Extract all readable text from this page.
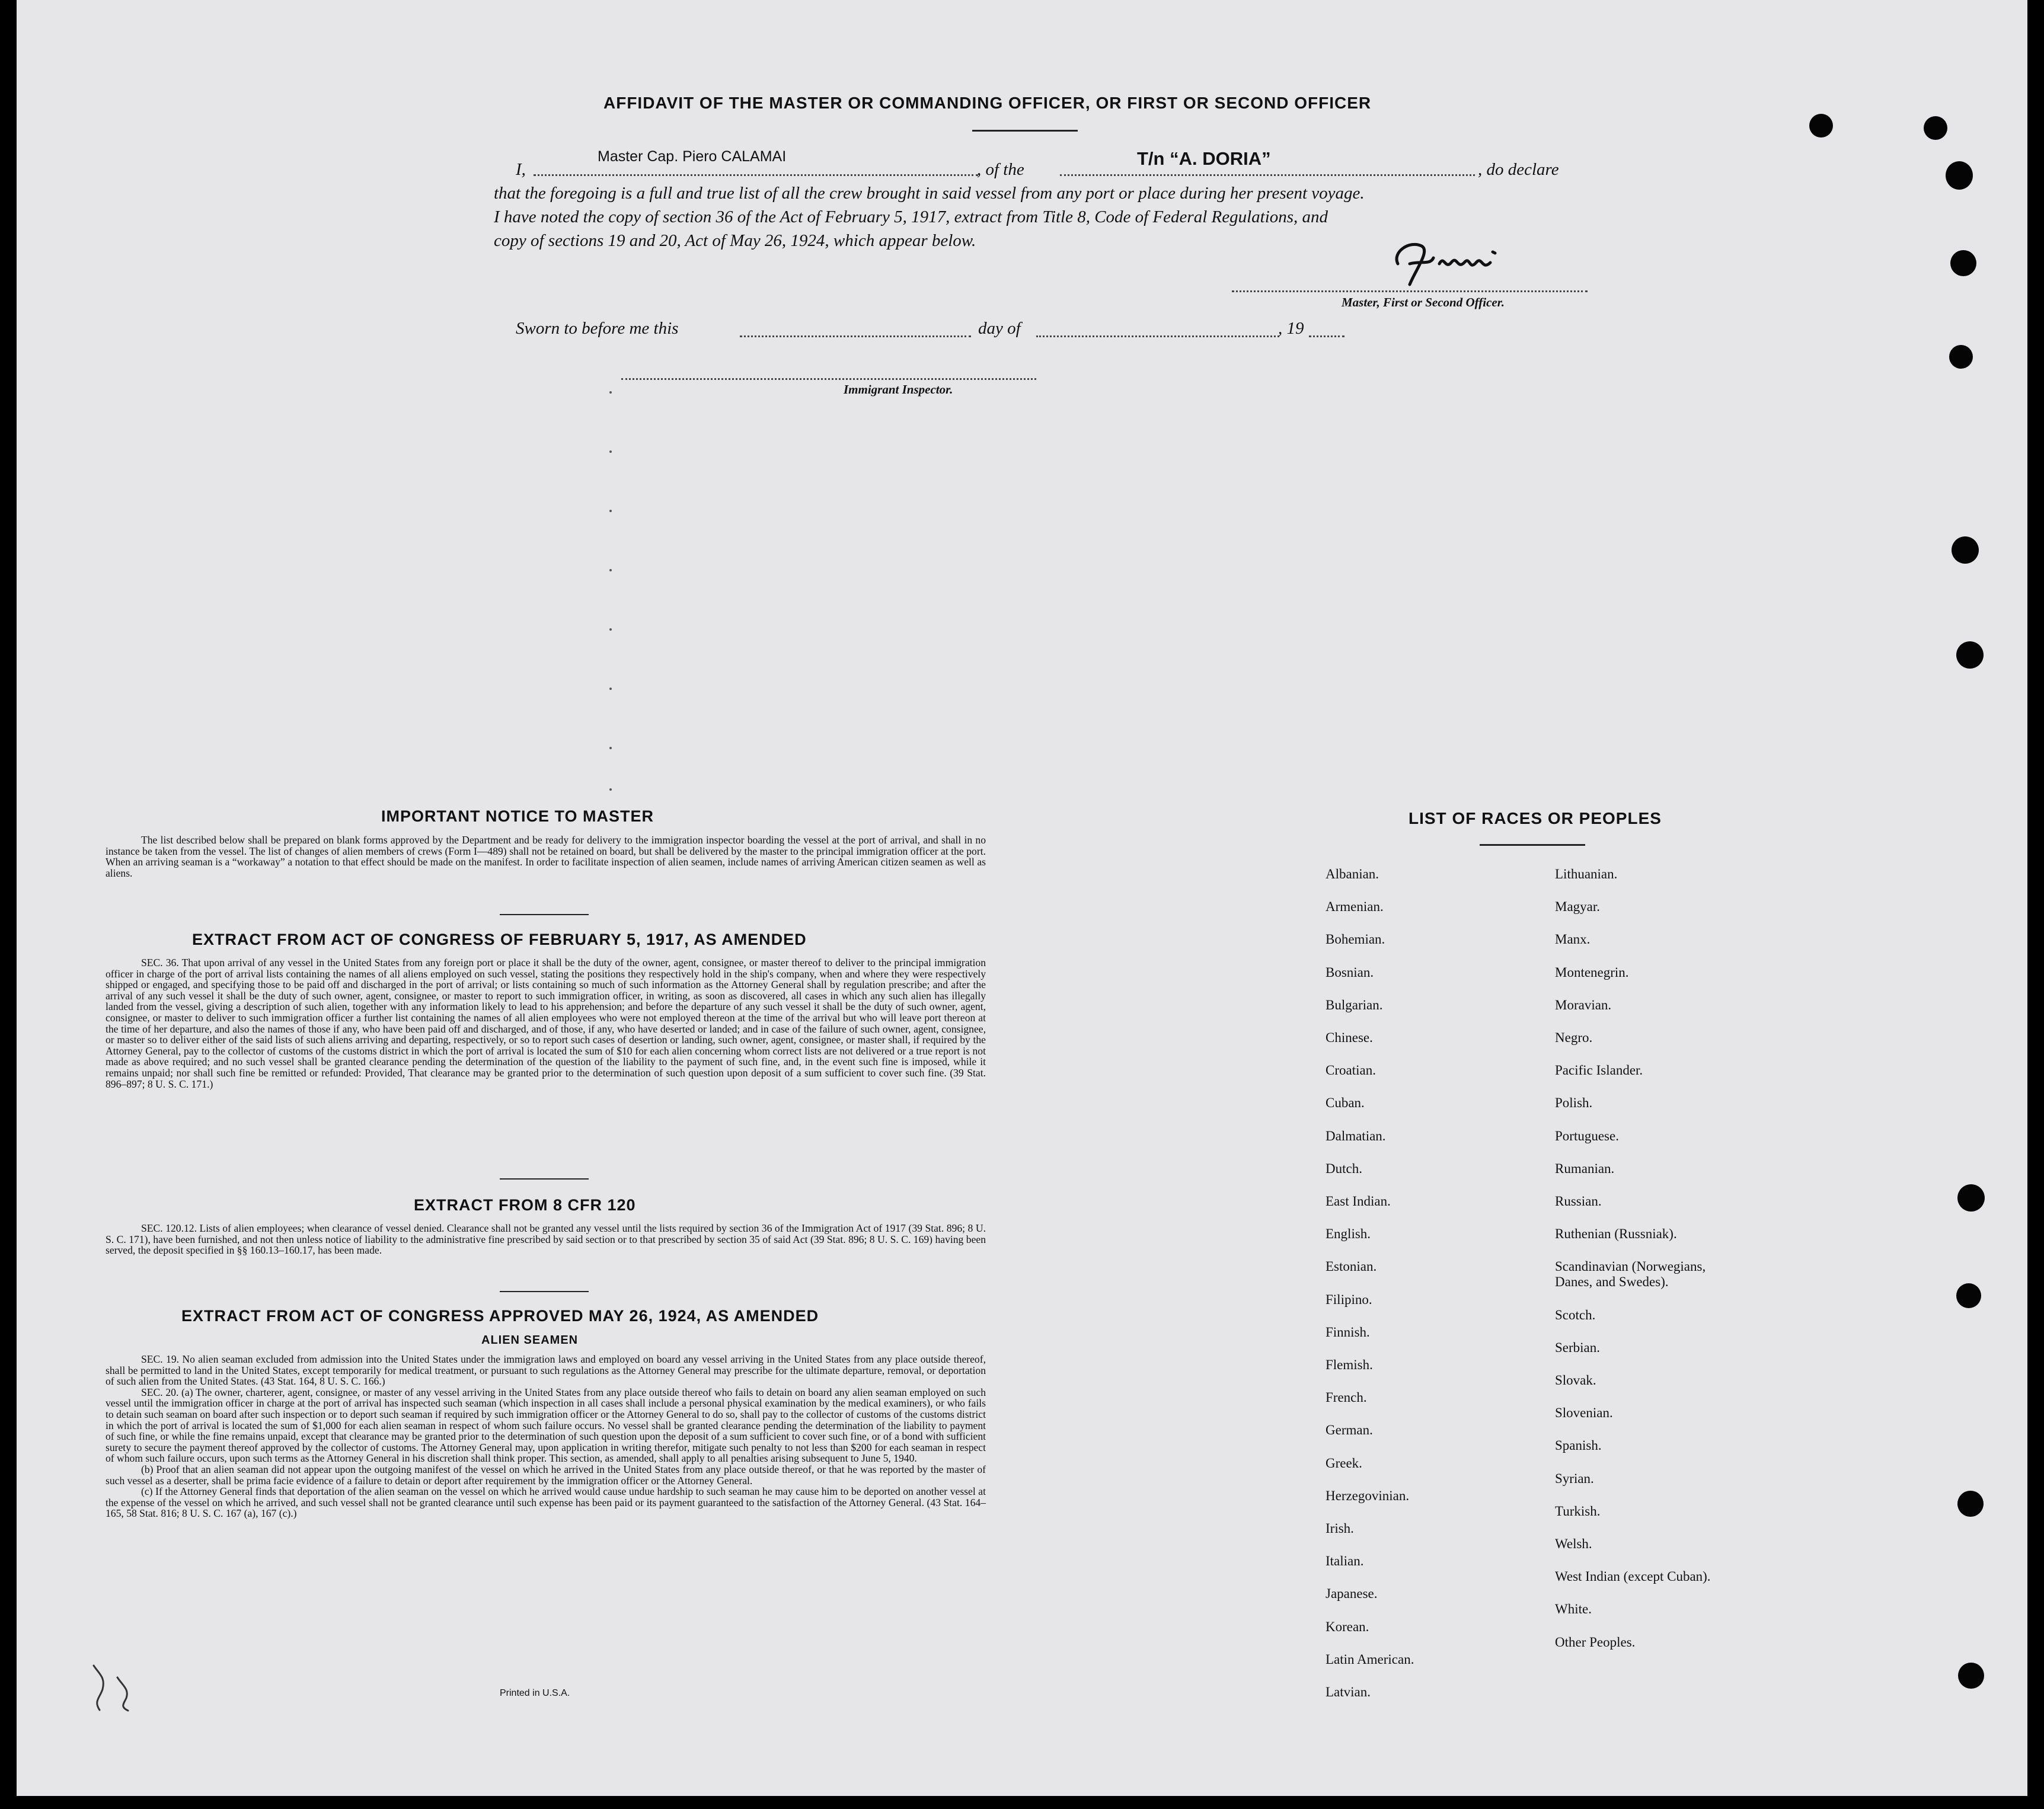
AFFIDAVIT OF THE MASTER OR COMMANDING OFFICER, OR FIRST OR SECOND OFFICER
I,
Master Cap. Piero CALAMAI
, of the
T/n “A. DORIA”
, do declare
that the foregoing is a full and true list of all the crew brought in said vessel from any port or place during her present voyage.
I have noted the copy of section 36 of the Act of February 5, 1917, extract from Title 8, Code of Federal Regulations, and
copy of sections 19 and 20, Act of May 26, 1924, which appear below.
Master, First or Second Officer.
Sworn to before me this	day of	, 19
Immigrant Inspector.
IMPORTANT NOTICE TO MASTER
The list described below shall be prepared on blank forms approved by the Department and be ready for delivery to the immigration inspector boarding the vessel at the port of arrival, and shall in no instance be taken from the vessel. The list of changes of alien members of crews (Form I—489) shall not be retained on board, but shall be delivered by the master to the principal immigration officer at the port. When an arriving seaman is a “workaway” a notation to that effect should be made on the manifest. In order to facilitate inspection of alien seamen, include names of arriving American citizen seamen as well as aliens.
EXTRACT FROM ACT OF CONGRESS OF FEBRUARY 5, 1917, AS AMENDED
SEC. 36. That upon arrival of any vessel in the United States from any foreign port or place it shall be the duty of the owner, agent, consignee, or master thereof to deliver to the principal immigration officer in charge of the port of arrival lists containing the names of all aliens employed on such vessel, stating the positions they respectively hold in the ship's company, when and where they were respectively shipped or engaged, and specifying those to be paid off and discharged in the port of arrival; or lists containing so much of such information as the Attorney General shall by regulation prescribe; and after the arrival of any such vessel it shall be the duty of such owner, agent, consignee, or master to report to such immigration officer, in writing, as soon as discovered, all cases in which any such alien has illegally landed from the vessel, giving a description of such alien, together with any information likely to lead to his apprehension; and before the departure of any such vessel it shall be the duty of such owner, agent, consignee, or master to deliver to such immigration officer a further list containing the names of all alien employees who were not employed thereon at the time of the arrival but who will leave port thereon at the time of her departure, and also the names of those if any, who have been paid off and discharged, and of those, if any, who have deserted or landed; and in case of the failure of such owner, agent, consignee, or master so to deliver either of the said lists of such aliens arriving and departing, respectively, or so to report such cases of desertion or landing, such owner, agent, consignee, or master shall, if required by the Attorney General, pay to the collector of customs of the customs district in which the port of arrival is located the sum of $10 for each alien concerning whom correct lists are not delivered or a true report is not made as above required; and no such vessel shall be granted clearance pending the determination of the question of the liability to the payment of such fine, and, in the event such fine is imposed, while it remains unpaid; nor shall such fine be remitted or refunded: Provided, That clearance may be granted prior to the determination of such question upon deposit of a sum sufficient to cover such fine. (39 Stat. 896–897; 8 U. S. C. 171.)
EXTRACT FROM 8 CFR 120
SEC. 120.12. Lists of alien employees; when clearance of vessel denied. Clearance shall not be granted any vessel until the lists required by section 36 of the Immigration Act of 1917 (39 Stat. 896; 8 U. S. C. 171), have been furnished, and not then unless notice of liability to the administrative fine prescribed by said section or to that prescribed by section 35 of said Act (39 Stat. 896; 8 U. S. C. 169) having been served, the deposit specified in §§ 160.13–160.17, has been made.
EXTRACT FROM ACT OF CONGRESS APPROVED MAY 26, 1924, AS AMENDED
ALIEN SEAMEN

SEC. 19. No alien seaman excluded from admission into the United States under the immigration laws and employed on board any vessel arriving in the United States from any place outside thereof, shall be permitted to land in the United States, except temporarily for medical treatment, or pursuant to such regulations as the Attorney General may prescribe for the ultimate departure, removal, or deportation of such alien from the United States. (43 Stat. 164, 8 U. S. C. 166.)

SEC. 20. (a) The owner, charterer, agent, consignee, or master of any vessel arriving in the United States from any place outside thereof who fails to detain on board any alien seaman employed on such vessel until the immigration officer in charge at the port of arrival has inspected such seaman (which inspection in all cases shall include a personal physical examination by the medical examiners), or who fails to detain such seaman on board after such inspection or to deport such seaman if required by such immigration officer or the Attorney General to do so, shall pay to the collector of customs of the customs district in which the port of arrival is located the sum of $1,000 for each alien seaman in respect of whom such failure occurs. No vessel shall be granted clearance pending the determination of the liability to payment of such fine, or while the fine remains unpaid, except that clearance may be granted prior to the determination of such question upon the deposit of a sum sufficient to cover such fine, or of a bond with sufficient surety to secure the payment thereof approved by the collector of customs. The Attorney General may, upon application in writing therefor, mitigate such penalty to not less than $200 for each seaman in respect of whom such failure occurs, upon such terms as the Attorney General in his discretion shall think proper. This section, as amended, shall apply to all penalties arising subsequent to June 5, 1940.

(b) Proof that an alien seaman did not appear upon the outgoing manifest of the vessel on which he arrived in the United States from any place outside thereof, or that he was reported by the master of such vessel as a deserter, shall be prima facie evidence of a failure to detain or deport after requirement by the immigration officer or the Attorney General.

(c) If the Attorney General finds that deportation of the alien seaman on the vessel on which he arrived would cause undue hardship to such seaman he may cause him to be deported on another vessel at the expense of the vessel on which he arrived, and such vessel shall not be granted clearance until such expense has been paid or its payment guaranteed to the satisfaction of the Attorney General. (43 Stat. 164–165, 58 Stat. 816; 8 U. S. C. 167 (a), 167 (c).)

Printed in U.S.A.
LIST OF RACES OR PEOPLES
Albanian.
Armenian.
Bohemian.
Bosnian.
Bulgarian.
Chinese.
Croatian.
Cuban.
Dalmatian.
Dutch.
East Indian.
English.
Estonian.
Filipino.
Finnish.
Flemish.
French.
German.
Greek.
Herzegovinian.
Irish.
Italian.
Japanese.
Korean.
Latin American.
Latvian.
Lithuanian.
Magyar.
Manx.
Montenegrin.
Moravian.
Negro.
Pacific Islander.
Polish.
Portuguese.
Rumanian.
Russian.
Ruthenian (Russniak).
Scandinavian (Norwegians,
Danes, and Swedes).
Scotch.
Serbian.
Slovak.
Slovenian.
Spanish.
Syrian.
Turkish.
Welsh.
West Indian (except Cuban).
White.
Other Peoples.
